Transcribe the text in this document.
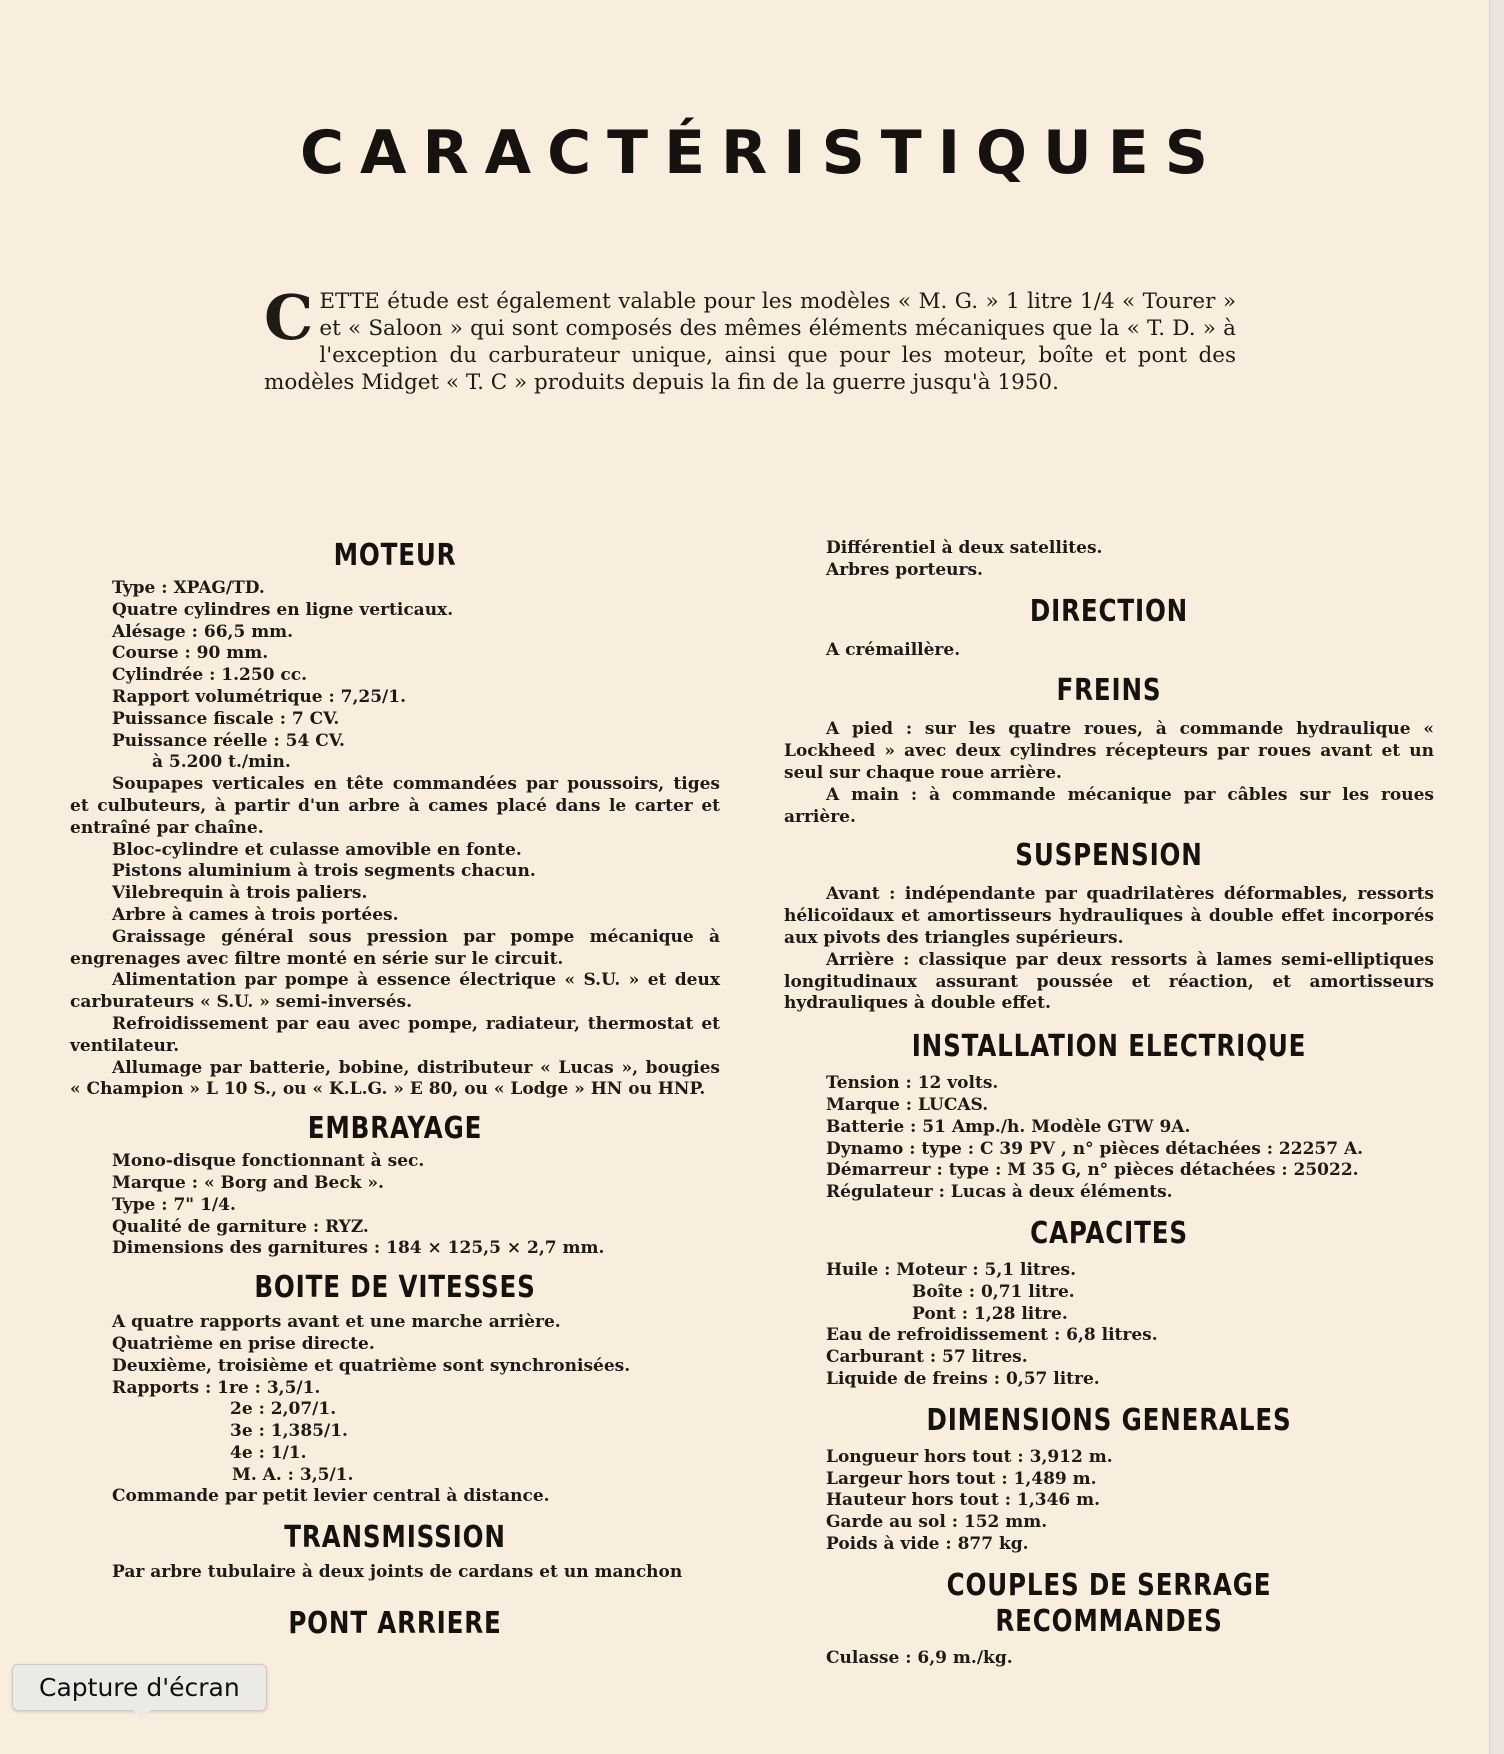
CARACTÉRISTIQUES
CETTE étude est également valable pour les modèles « M. G. » 1 litre 1/4 « Tourer » et « Saloon » qui sont composés des mêmes éléments mécaniques que la « T. D. » à l'exception du carburateur unique, ainsi que pour les moteur, boîte et pont des modèles Midget « T. C » produits depuis la fin de la guerre jusqu'à 1950.
MOTEUR

Type : XPAG/TD.

Quatre cylindres en ligne verticaux.

Alésage : 66,5 mm.

Course : 90 mm.

Cylindrée : 1.250 cc.

Rapport volumétrique : 7,25/1.

Puissance fiscale : 7 CV.

Puissance réelle : 54 CV.

à 5.200 t./min.

Soupapes verticales en tête commandées par poussoirs, tiges et culbuteurs, à partir d'un arbre à cames placé dans le carter et entraîné par chaîne.

Bloc-cylindre et culasse amovible en fonte.

Pistons aluminium à trois segments chacun.

Vilebrequin à trois paliers.

Arbre à cames à trois portées.

Graissage général sous pression par pompe mécanique à engrenages avec filtre monté en série sur le circuit.

Alimentation par pompe à essence électrique « S.U. » et deux carburateurs « S.U. » semi-inversés.

Refroidissement par eau avec pompe, radiateur, thermostat et ventilateur.

Allumage par batterie, bobine, distributeur « Lucas », bougies « Champion » L 10 S., ou « K.L.G. » E 80, ou « Lodge » HN ou HNP.

EMBRAYAGE

Mono-disque fonctionnant à sec.

Marque : « Borg and Beck ».

Type : 7" 1/4.

Qualité de garniture : RYZ.

Dimensions des garnitures : 184 × 125,5 × 2,7 mm.

BOITE DE VITESSES

A quatre rapports avant et une marche arrière.

Quatrième en prise directe.

Deuxième, troisième et quatrième sont synchronisées.

Rapports : 1re : 3,5/1.

2e : 2,07/1.

3e : 1,385/1.

4e : 1/1.

M. A. : 3,5/1.

Commande par petit levier central à distance.

TRANSMISSION

Par arbre tubulaire à deux joints de cardans et un manchon

PONT ARRIERE

Différentiel à deux satellites.

Arbres porteurs.

DIRECTION

A crémaillère.

FREINS

A pied : sur les quatre roues, à commande hydraulique « Lockheed » avec deux cylindres récepteurs par roues avant et un seul sur chaque roue arrière.

A main : à commande mécanique par câbles sur les roues arrière.

SUSPENSION

Avant : indépendante par quadrilatères déformables, ressorts hélicoïdaux et amortisseurs hydrauliques à double effet incorporés aux pivots des triangles supérieurs.

Arrière : classique par deux ressorts à lames semi-elliptiques longitudinaux assurant poussée et réaction, et amortisseurs hydrauliques à double effet.

INSTALLATION ELECTRIQUE

Tension : 12 volts.

Marque : LUCAS.

Batterie : 51 Amp./h. Modèle GTW 9A.

Dynamo : type : C 39 PV , n° pièces détachées : 22257 A.

Démarreur : type : M 35 G, n° pièces détachées : 25022.

Régulateur : Lucas à deux éléments.

CAPACITES

Huile : Moteur : 5,1 litres.

Boîte : 0,71 litre.

Pont : 1,28 litre.

Eau de refroidissement : 6,8 litres.

Carburant : 57 litres.

Liquide de freins : 0,57 litre.

DIMENSIONS GENERALES

Longueur hors tout : 3,912 m.

Largeur hors tout : 1,489 m.

Hauteur hors tout : 1,346 m.

Garde au sol : 152 mm.

Poids à vide : 877 kg.

COUPLES DE SERRAGE RECOMMANDES

Culasse : 6,9 m./kg.

Capture d'écran
